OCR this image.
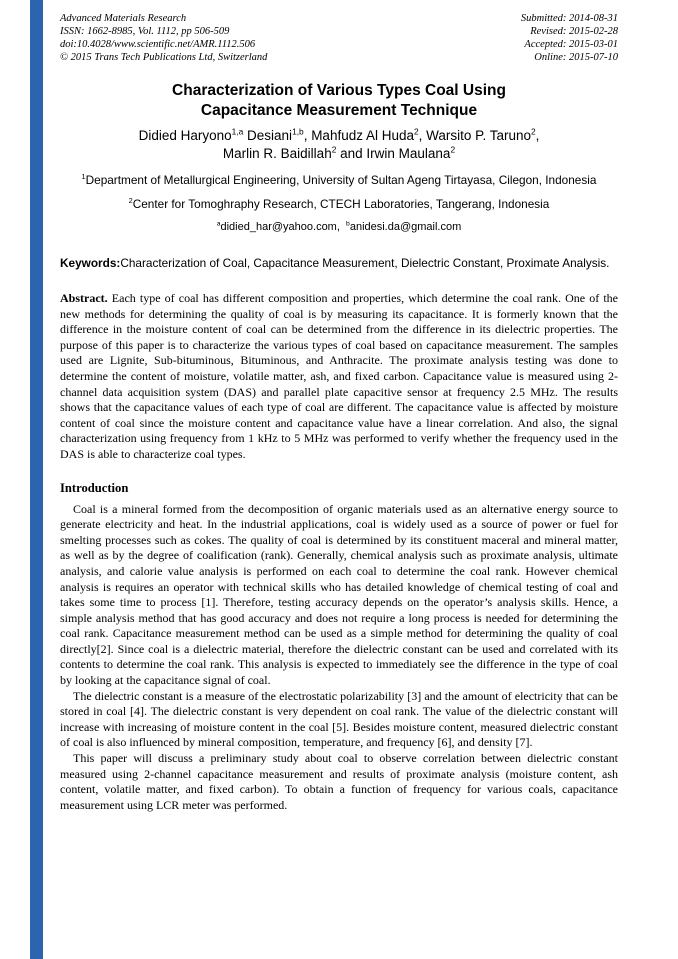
Advanced Materials Research
ISSN: 1662-8985, Vol. 1112, pp 506-509
doi:10.4028/www.scientific.net/AMR.1112.506
© 2015 Trans Tech Publications Ltd, Switzerland
Submitted: 2014-08-31
Revised: 2015-02-28
Accepted: 2015-03-01
Online: 2015-07-10
Characterization of Various Types Coal Using
Capacitance Measurement Technique
Didied Haryono$^{1,a}$ Desiani$^{1,b}$, Mahfudz Al Huda$^2$, Warsito P. Taruno$^2$,
Marlin R. Baidillah$^2$ and Irwin Maulana$^2$
$^1$Department of Metallurgical Engineering, University of Sultan Ageng Tirtayasa, Cilegon, Indonesia
$^2$Center for Tomoghraphy Research, CTECH Laboratories, Tangerang, Indonesia
$^a$didied_har@yahoo.com,  $^b$anidesi.da@gmail.com

Keywords:Characterization of Coal, Capacitance Measurement, Dielectric Constant, Proximate Analysis.

Abstract. Each type of coal has different composition and properties, which determine the coal rank. One of the new methods for determining the quality of coal is by measuring its capacitance. It is formerly known that the difference in the moisture content of coal can be determined from the difference in its dielectric properties. The purpose of this paper is to characterize the various types of coal based on capacitance measurement. The samples used are Lignite, Sub-bituminous, Bituminous, and Anthracite. The proximate analysis testing was done to determine the content of moisture, volatile matter, ash, and fixed carbon. Capacitance value is measured using 2-channel data acquisition system (DAS) and parallel plate capacitive sensor at frequency 2.5 MHz. The results shows that the capacitance values of each type of coal are different. The capacitance value is affected by moisture content of coal since the moisture content and capacitance value have a linear correlation. And also, the signal characterization using frequency from 1 kHz to 5 MHz was performed to verify whether the frequency used in the DAS is able to characterize coal types.

Introduction

Coal is a mineral formed from the decomposition of organic materials used as an alternative energy source to generate electricity and heat. In the industrial applications, coal is widely used as a source of power or fuel for smelting processes such as cokes. The quality of coal is determined by its constituent maceral and mineral matter, as well as by the degree of coalification (rank). Generally, chemical analysis such as proximate analysis, ultimate analysis, and calorie value analysis is performed on each coal to determine the coal rank. However chemical analysis is requires an operator with technical skills who has detailed knowledge of chemical testing of coal and takes some time to process [1]. Therefore, testing accuracy depends on the operator’s analysis skills. Hence, a simple analysis method that has good accuracy and does not require a long process is needed for determining the coal rank. Capacitance measurement method can be used as a simple method for determining the quality of coal directly[2]. Since coal is a dielectric material, therefore the dielectric constant can be used and correlated with its contents to determine the coal rank. This analysis is expected to immediately see the difference in the type of coal by looking at the capacitance signal of coal.

The dielectric constant is a measure of the electrostatic polarizability [3] and the amount of electricity that can be stored in coal [4]. The dielectric constant is very dependent on coal rank. The value of the dielectric constant will increase with increasing of moisture content in the coal [5]. Besides moisture content, measured dielectric constant of coal is also influenced by mineral composition, temperature, and frequency [6], and density [7].

This paper will discuss a preliminary study about coal to observe correlation between dielectric constant measured using 2-channel capacitance measurement and results of proximate analysis (moisture content, ash content, volatile matter, and fixed carbon). To obtain a function of frequency for various coals, capacitance measurement using LCR meter was performed.
